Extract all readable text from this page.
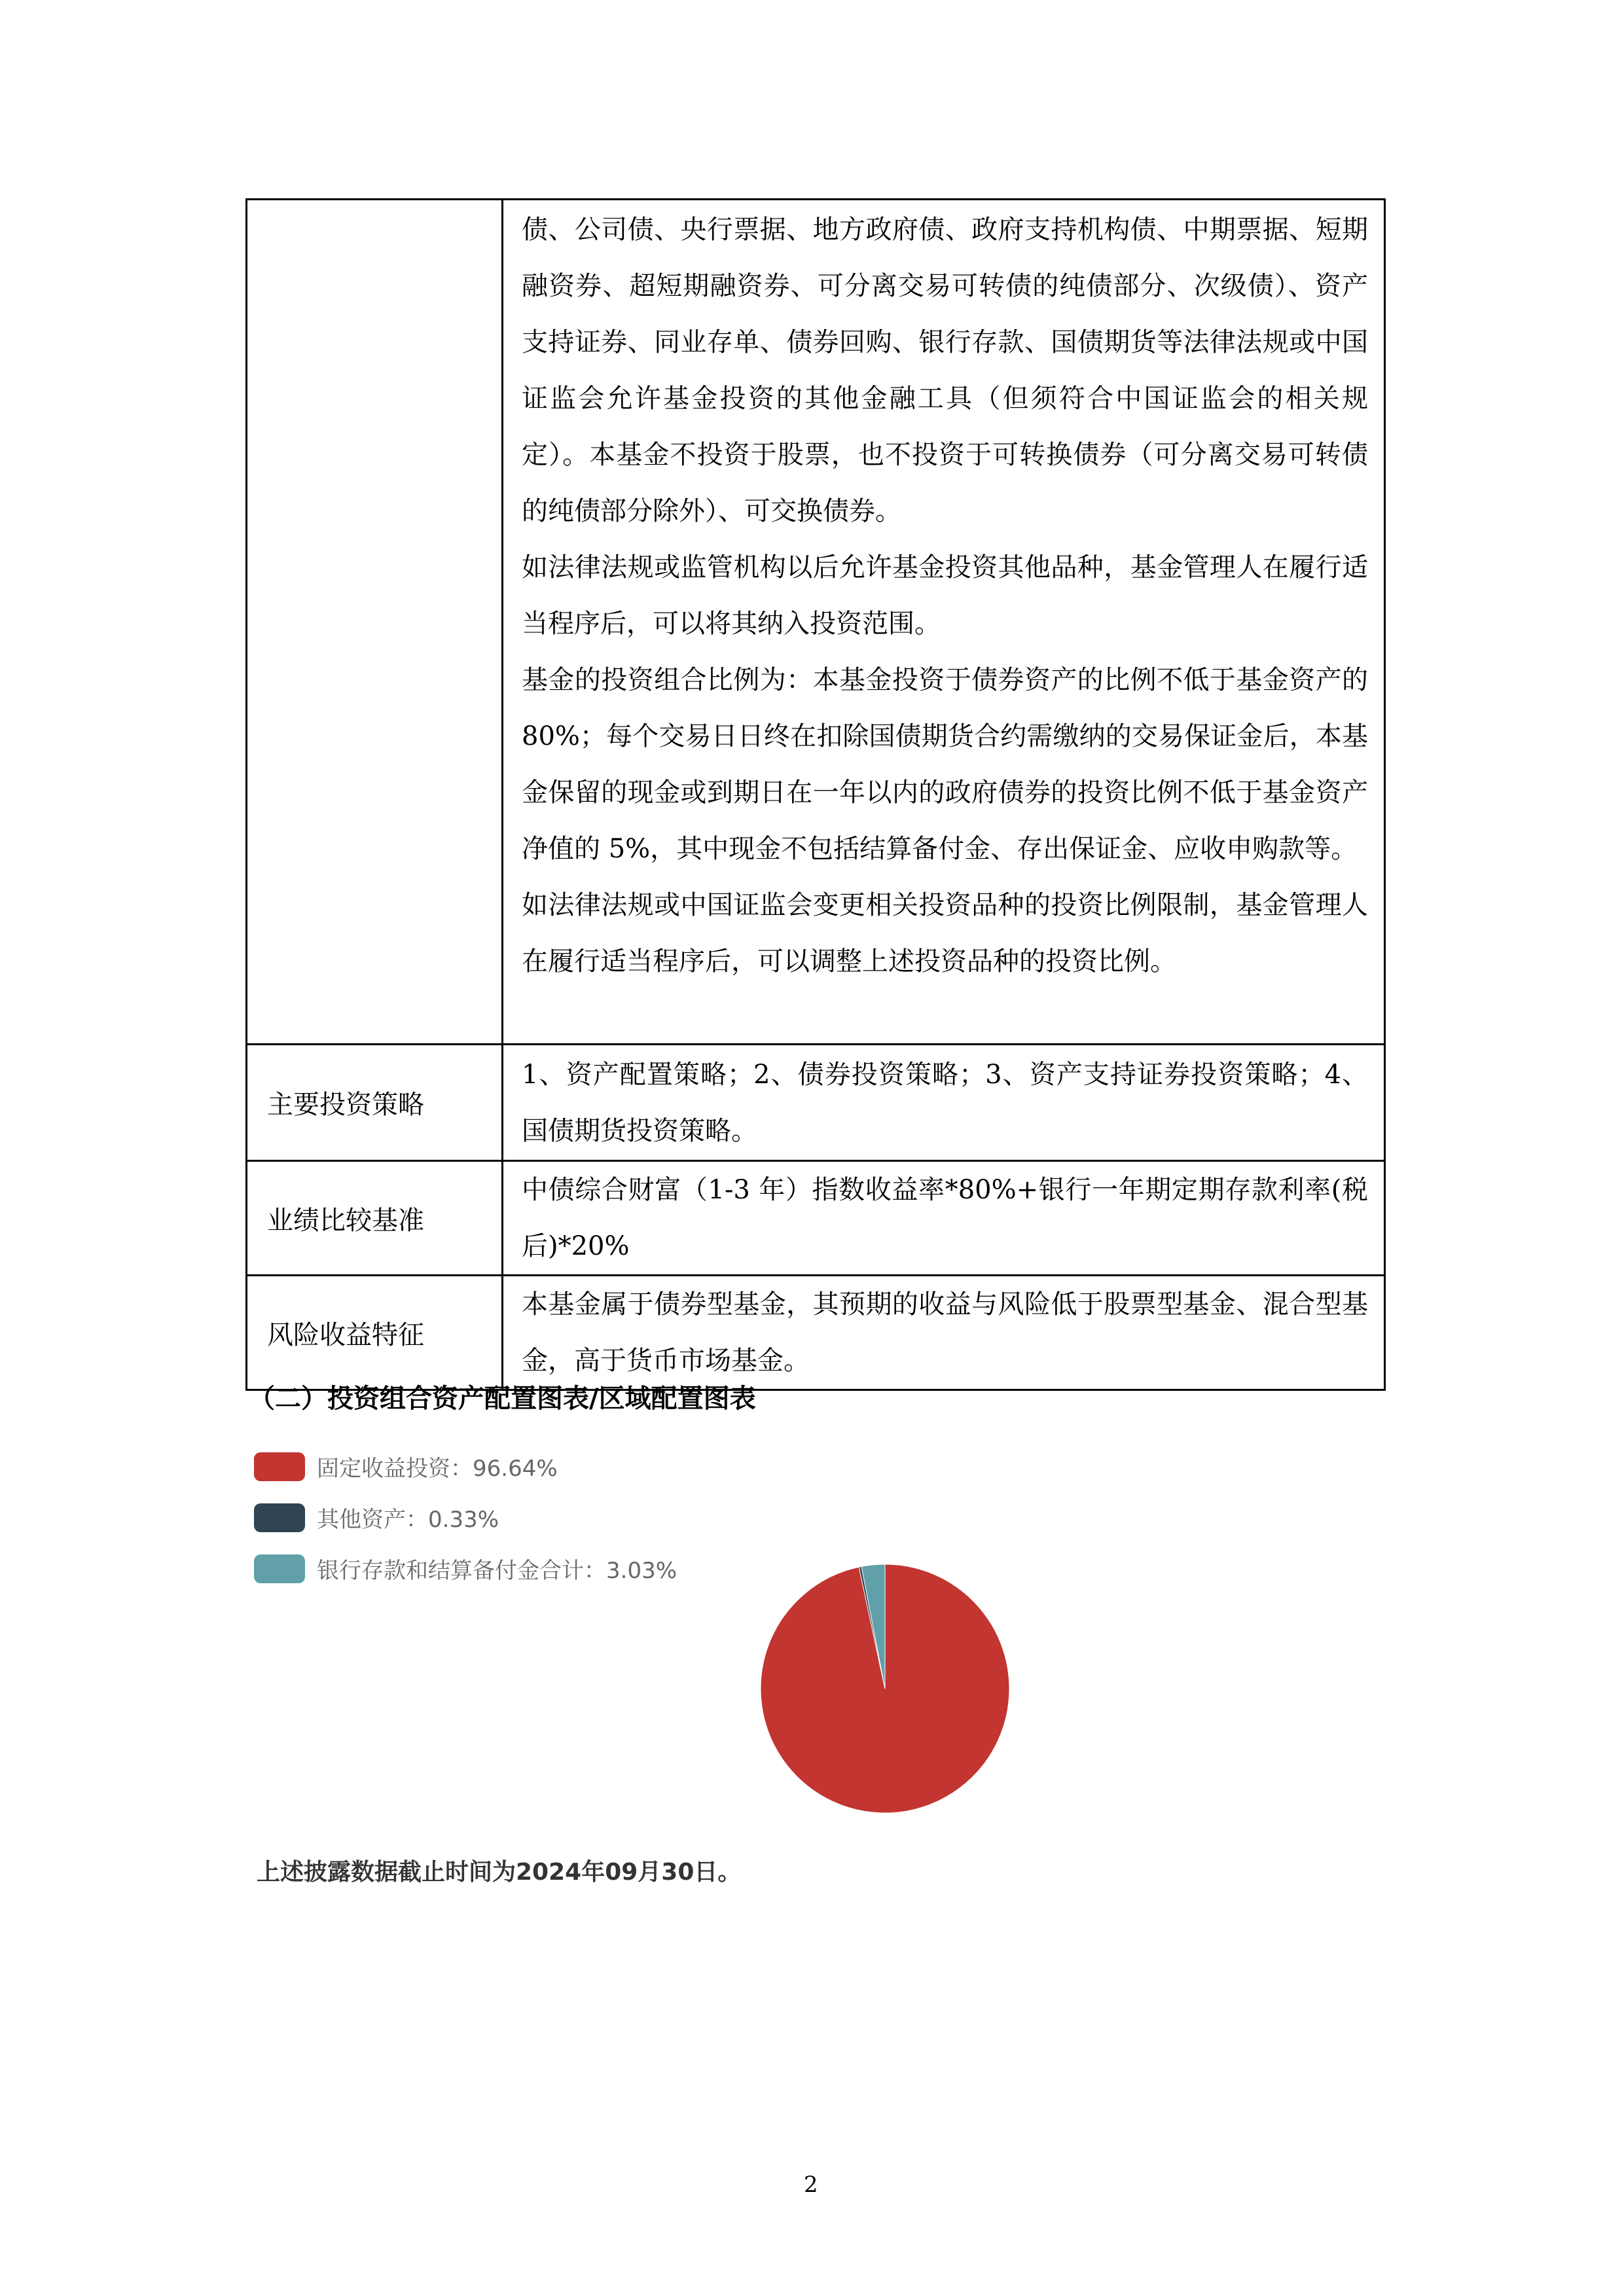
	债、公司债、央行票据、地方政府债、政府支持机构债、中期票据、短期融资券、超短期融资券、可分离交易可转债的纯债部分、次级债）、资产支持证券、同业存单、债券回购、银行存款、国债期货等法律法规或中国证监会允许基金投资的其他金融工具（但须符合中国证监会的相关规定）。本基金不投资于股票，也不投资于可转换债券（可分离交易可转债的纯债部分除外）、可交换债券。

如法律法规或监管机构以后允许基金投资其他品种，基金管理人在履行适当程序后，可以将其纳入投资范围。

基金的投资组合比例为：本基金投资于债券资产的比例不低于基金资产的 80%；每个交易日日终在扣除国债期货合约需缴纳的交易保证金后，本基金保留的现金或到期日在一年以内的政府债券的投资比例不低于基金资产净值的 5%，其中现金不包括结算备付金、存出保证金、应收申购款等。

如法律法规或中国证监会变更相关投资品种的投资比例限制，基金管理人在履行适当程序后，可以调整上述投资品种的投资比例。

主要投资策略	1、资产配置策略；2、债券投资策略；3、资产支持证券投资策略；4、国债期货投资策略。
业绩比较基准	中债综合财富（1-3 年）指数收益率*80%+银行一年期定期存款利率(税后)*20%
风险收益特征	本基金属于债券型基金，其预期的收益与风险低于股票型基金、混合型基金，高于货币市场基金。
（二）投资组合资产配置图表/区域配置图表
固定收益投资：96.64%
其他资产：0.33%
银行存款和结算备付金合计：3.03%
上述披露数据截止时间为2024年09月30日。
2
